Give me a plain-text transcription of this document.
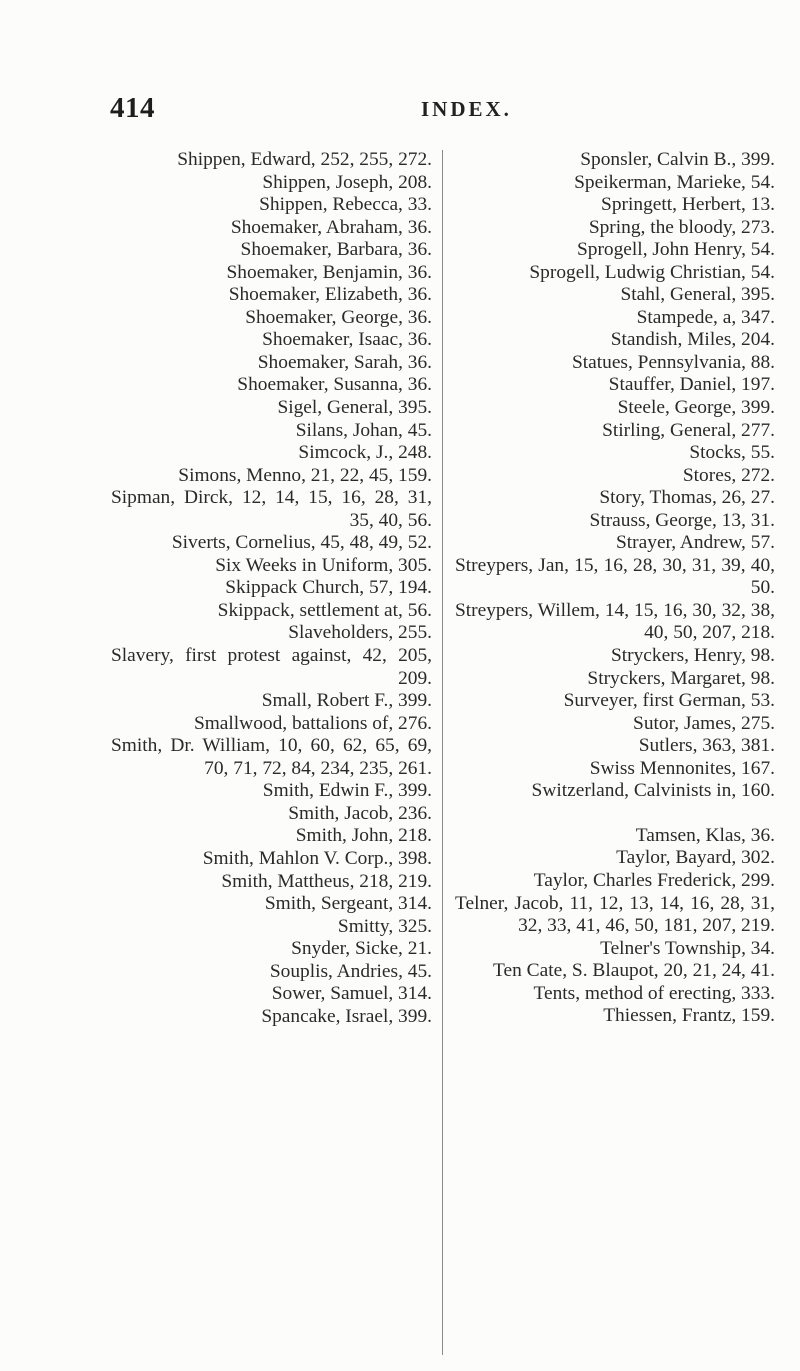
414	INDEX.
Shippen, Edward, 252, 255, 272.
Shippen, Joseph, 208.
Shippen, Rebecca, 33.
Shoemaker, Abraham, 36.
Shoemaker, Barbara, 36.
Shoemaker, Benjamin, 36.
Shoemaker, Elizabeth, 36.
Shoemaker, George, 36.
Shoemaker, Isaac, 36.
Shoemaker, Sarah, 36.
Shoemaker, Susanna, 36.
Sigel, General, 395.
Silans, Johan, 45.
Simcock, J., 248.
Simons, Menno, 21, 22, 45, 159.
Sipman, Dirck, 12, 14, 15, 16, 28, 31, 35, 40, 56.
Siverts, Cornelius, 45, 48, 49, 52.
Six Weeks in Uniform, 305.
Skippack Church, 57, 194.
Skippack, settlement at, 56.
Slaveholders, 255.
Slavery, first protest against, 42, 205, 209.
Small, Robert F., 399.
Smallwood, battalions of, 276.
Smith, Dr. William, 10, 60, 62, 65, 69, 70, 71, 72, 84, 234, 235, 261.
Smith, Edwin F., 399.
Smith, Jacob, 236.
Smith, John, 218.
Smith, Mahlon V. Corp., 398.
Smith, Mattheus, 218, 219.
Smith, Sergeant, 314.
Smitty, 325.
Snyder, Sicke, 21.
Souplis, Andries, 45.
Sower, Samuel, 314.
Spancake, Israel, 399.
Sponsler, Calvin B., 399.
Speikerman, Marieke, 54.
Springett, Herbert, 13.
Spring, the bloody, 273.
Sprogell, John Henry, 54.
Sprogell, Ludwig Christian, 54.
Stahl, General, 395.
Stampede, a, 347.
Standish, Miles, 204.
Statues, Pennsylvania, 88.
Stauffer, Daniel, 197.
Steele, George, 399.
Stirling, General, 277.
Stocks, 55.
Stores, 272.
Story, Thomas, 26, 27.
Strauss, George, 13, 31.
Strayer, Andrew, 57.
Streypers, Jan, 15, 16, 28, 30, 31, 39, 40, 50.
Streypers, Willem, 14, 15, 16, 30, 32, 38, 40, 50, 207, 218.
Stryckers, Henry, 98.
Stryckers, Margaret, 98.
Surveyer, first German, 53.
Sutor, James, 275.
Sutlers, 363, 381.
Swiss Mennonites, 167.
Switzerland, Calvinists in, 160.
Tamsen, Klas, 36.
Taylor, Bayard, 302.
Taylor, Charles Frederick, 299.
Telner, Jacob, 11, 12, 13, 14, 16, 28, 31, 32, 33, 41, 46, 50, 181, 207, 219.
Telner's Township, 34.
Ten Cate, S. Blaupot, 20, 21, 24, 41.
Tents, method of erecting, 333.
Thiessen, Frantz, 159.
